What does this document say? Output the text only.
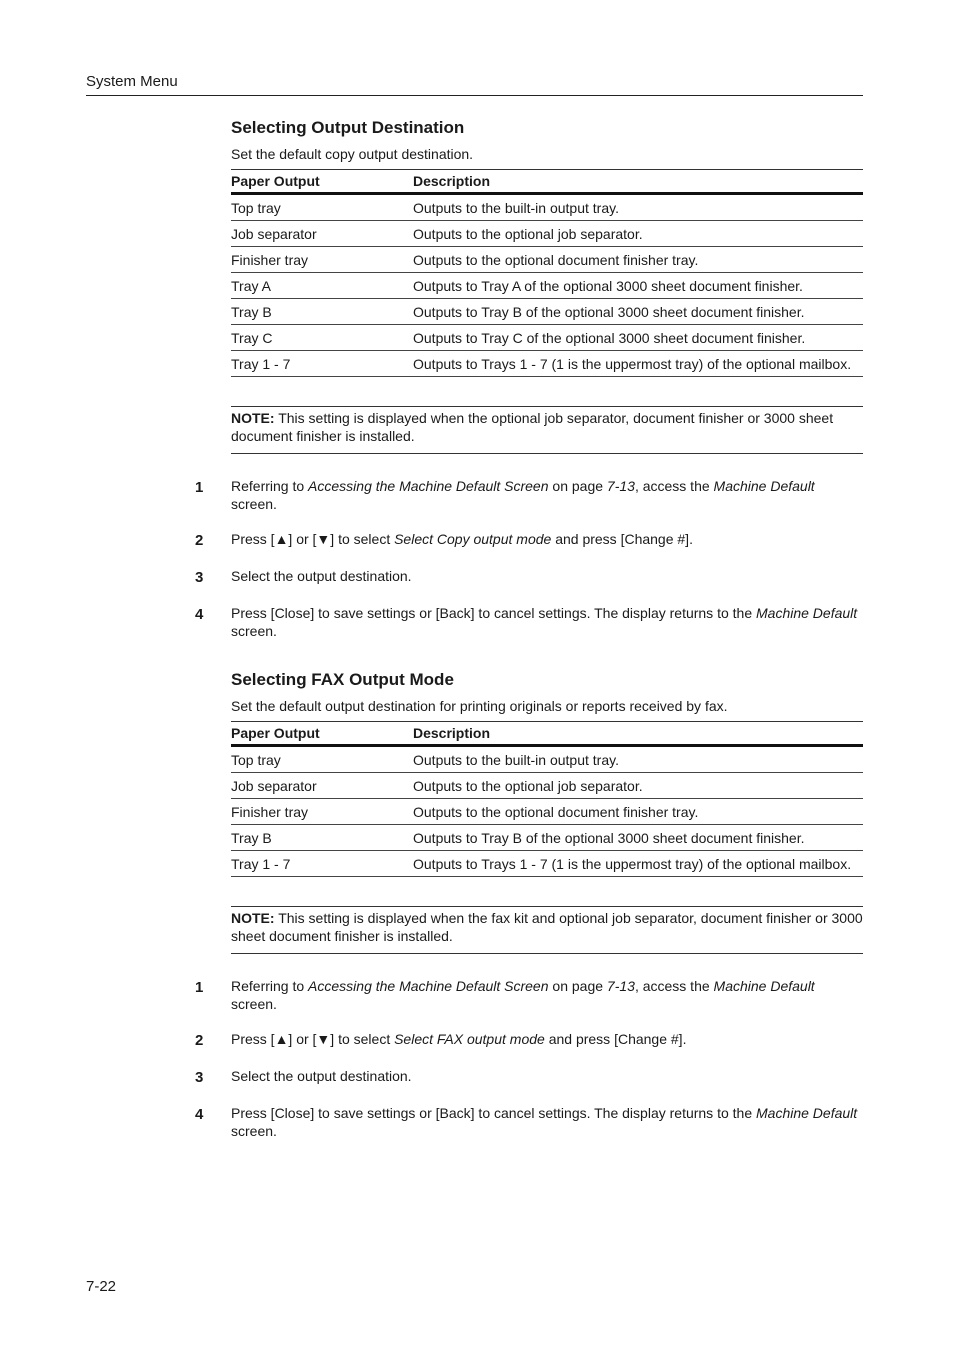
System Menu
Selecting Output Destination
Set the default copy output destination.
Paper Output	Description
Top tray	Outputs to the built-in output tray.
Job separator	Outputs to the optional job separator.
Finisher tray	Outputs to the optional document finisher tray.
Tray A	Outputs to Tray A of the optional 3000 sheet document finisher.
Tray B	Outputs to Tray B of the optional 3000 sheet document finisher.
Tray C	Outputs to Tray C of the optional 3000 sheet document finisher.
Tray 1 - 7	Outputs to Trays 1 - 7 (1 is the uppermost tray) of the optional mailbox.
NOTE: This setting is displayed when the optional job separator, document finisher or 3000 sheet document finisher is installed.
1 Referring to Accessing the Machine Default Screen on page 7-13, access the Machine Default screen.
2 Press [▲] or [▼] to select Select Copy output mode and press [Change #].
3 Select the output destination.
4 Press [Close] to save settings or [Back] to cancel settings. The display returns to the Machine Default screen.
Selecting FAX Output Mode
Set the default output destination for printing originals or reports received by fax.
Paper Output	Description
Top tray	Outputs to the built-in output tray.
Job separator	Outputs to the optional job separator.
Finisher tray	Outputs to the optional document finisher tray.
Tray B	Outputs to Tray B of the optional 3000 sheet document finisher.
Tray 1 - 7	Outputs to Trays 1 - 7 (1 is the uppermost tray) of the optional mailbox.
NOTE: This setting is displayed when the fax kit and optional job separator, document finisher or 3000 sheet document finisher is installed.
1 Referring to Accessing the Machine Default Screen on page 7-13, access the Machine Default screen.
2 Press [▲] or [▼] to select Select FAX output mode and press [Change #].
3 Select the output destination.
4 Press [Close] to save settings or [Back] to cancel settings. The display returns to the Machine Default screen.
7-22
